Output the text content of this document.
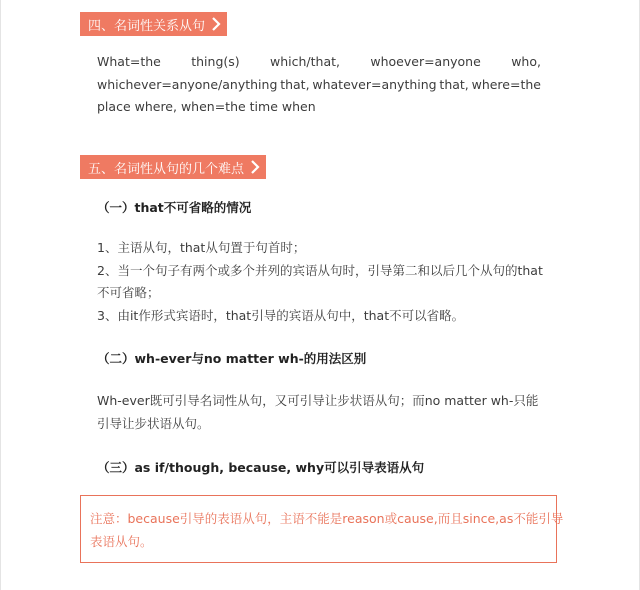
四、名词性关系从句
What=the thing(s) which/that, whoever=anyone who,
whichever=anyone/anything that, whatever=anything that, where=the
place where, when=the time when
五、名词性从句的几个难点
（一）that不可省略的情况
1、主语从句，that从句置于句首时；
2、当一个句子有两个或多个并列的宾语从句时，引导第二和以后几个从句的that
不可省略；
3、由it作形式宾语时，that引导的宾语从句中，that不可以省略。
（二）wh-ever与no matter wh-的用法区别
Wh-ever既可引导名词性从句，又可引导让步状语从句；而no matter wh-只能
引导让步状语从句。
（三）as if/though, because, why可以引导表语从句
注意：because引导的表语从句，主语不能是reason或cause,而且since,as不能引导
表语从句。
